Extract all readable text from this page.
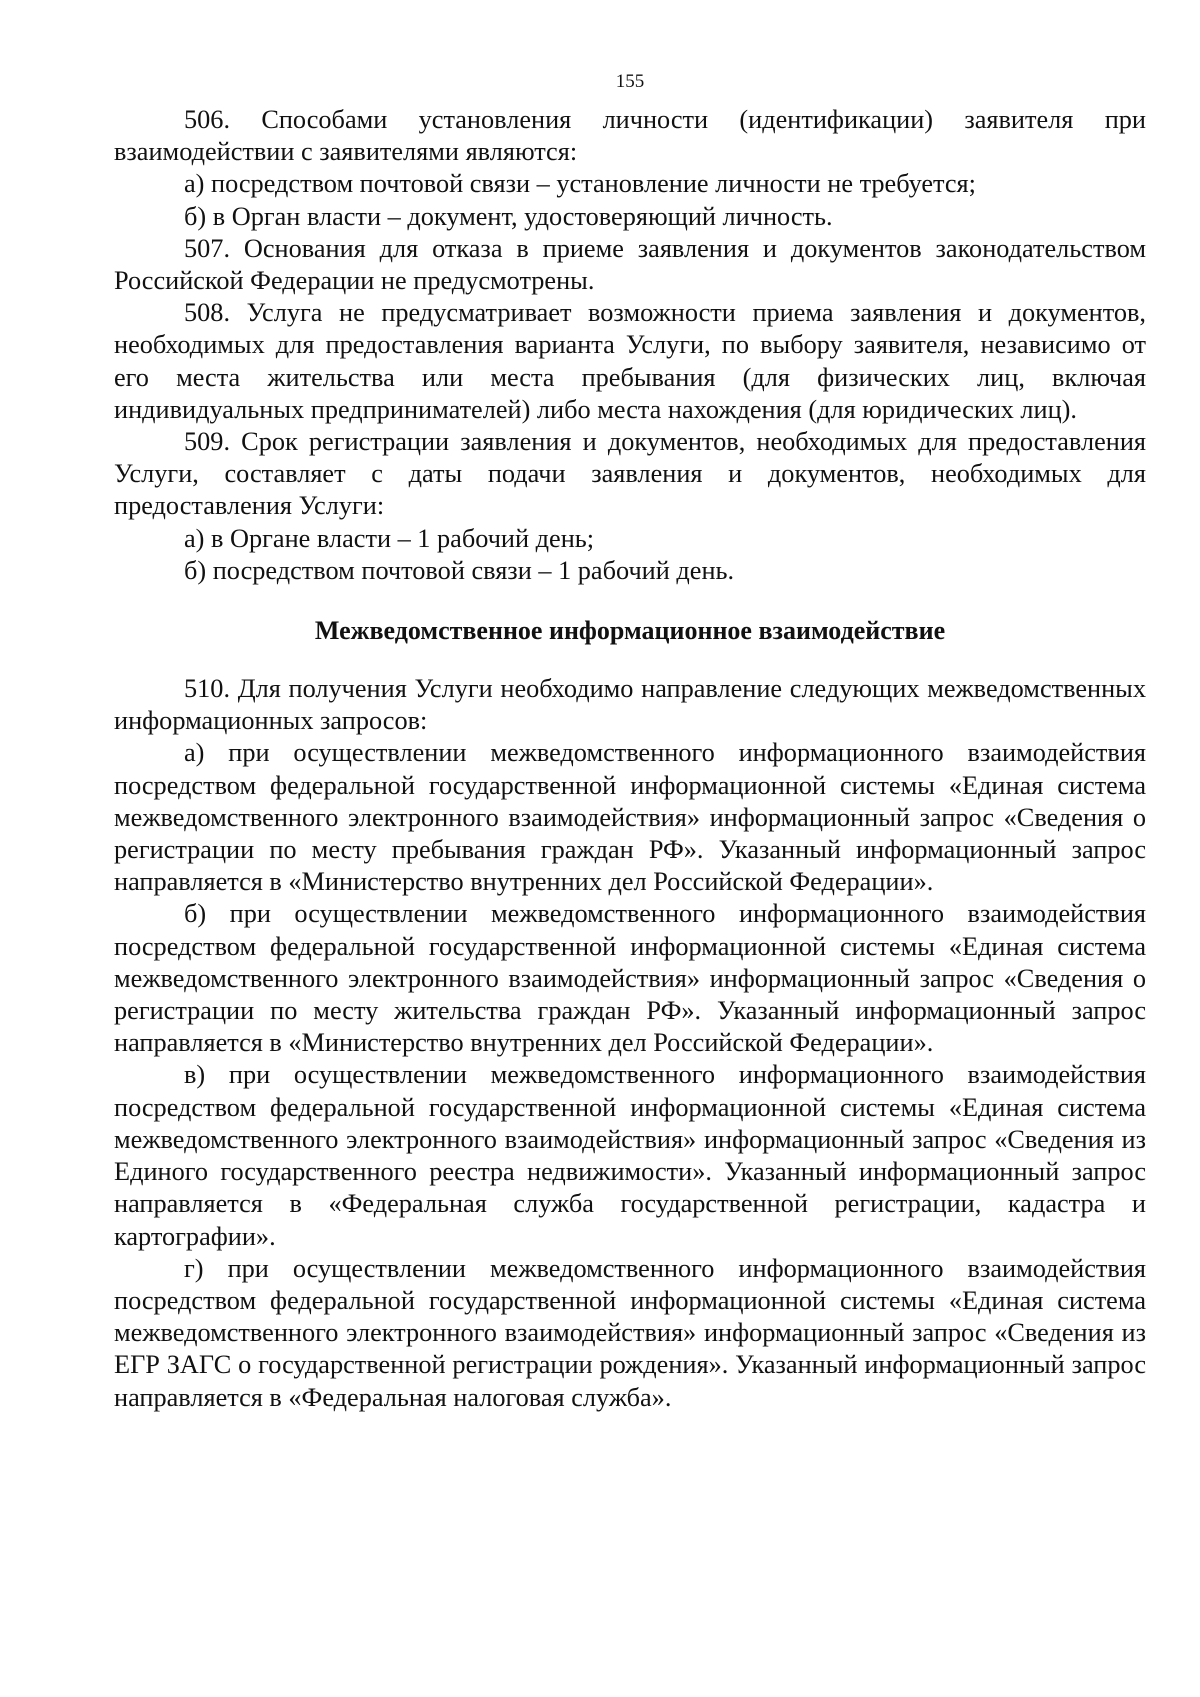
155

506. Способами установления личности (идентификации) заявителя при взаимодействии с заявителями являются:

а) посредством почтовой связи – установление личности не требуется;

б) в Орган власти – документ, удостоверяющий личность.

507. Основания для отказа в приеме заявления и документов законодательством Российской Федерации не предусмотрены.

508. Услуга не предусматривает возможности приема заявления и документов, необходимых для предоставления варианта Услуги, по выбору заявителя, независимо от его места жительства или места пребывания (для физических лиц, включая индивидуальных предпринимателей) либо места нахождения (для юридических лиц).

509. Срок регистрации заявления и документов, необходимых для предоставления Услуги, составляет с даты подачи заявления и документов, необходимых для предоставления Услуги:

а) в Органе власти – 1 рабочий день;

б) посредством почтовой связи – 1 рабочий день.

Межведомственное информационное взаимодействие

510. Для получения Услуги необходимо направление следующих межведомственных информационных запросов:

а) при осуществлении межведомственного информационного взаимодействия посредством федеральной государственной информационной системы «Единая система межведомственного электронного взаимодействия» информационный запрос «Сведения о регистрации по месту пребывания граждан РФ». Указанный информационный запрос направляется в «Министерство внутренних дел Российской Федерации».

б) при осуществлении межведомственного информационного взаимодействия посредством федеральной государственной информационной системы «Единая система межведомственного электронного взаимодействия» информационный запрос «Сведения о регистрации по месту жительства граждан РФ». Указанный информационный запрос направляется в «Министерство внутренних дел Российской Федерации».

в) при осуществлении межведомственного информационного взаимодействия посредством федеральной государственной информационной системы «Единая система межведомственного электронного взаимодействия» информационный запрос «Сведения из Единого государственного реестра недвижимости». Указанный информационный запрос направляется в «Федеральная служба государственной регистрации, кадастра и картографии».

г) при осуществлении межведомственного информационного взаимодействия посредством федеральной государственной информационной системы «Единая система межведомственного электронного взаимодействия» информационный запрос «Сведения из ЕГР ЗАГС о государственной регистрации рождения». Указанный информационный запрос направляется в «Федеральная налоговая служба».
